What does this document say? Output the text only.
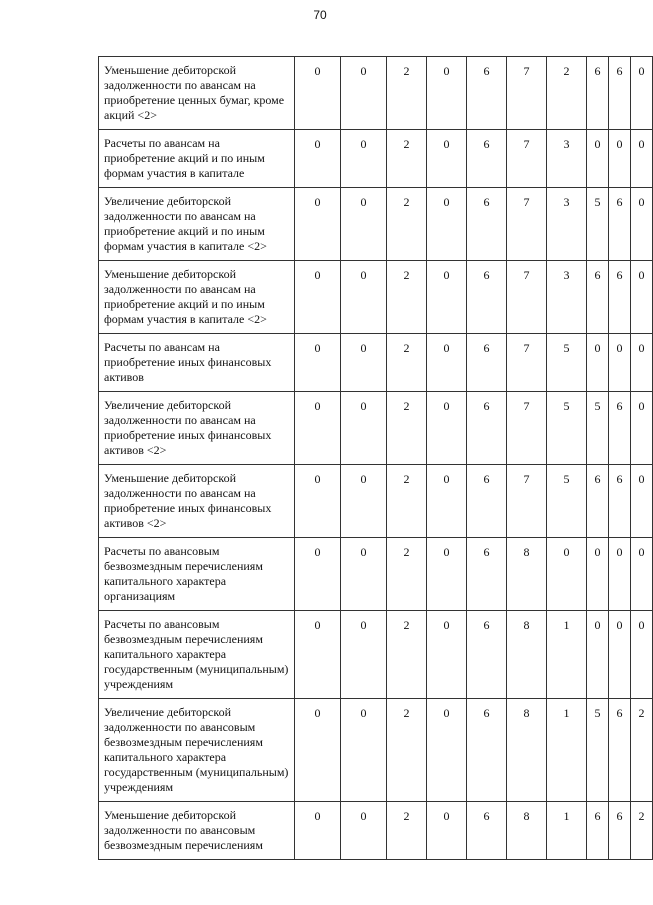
70
Уменьшение дебиторской задолженности по авансам на приобретение ценных бумаг, кроме акций <2>	0	0	2	0	6	7	2	6	6	0
Расчеты по авансам на приобретение акций и по иным формам участия в капитале	0	0	2	0	6	7	3	0	0	0
Увеличение дебиторской задолженности по авансам на приобретение акций и по иным формам участия в капитале <2>	0	0	2	0	6	7	3	5	6	0
Уменьшение дебиторской задолженности по авансам на приобретение акций и по иным формам участия в капитале <2>	0	0	2	0	6	7	3	6	6	0
Расчеты по авансам на приобретение иных финансовых активов	0	0	2	0	6	7	5	0	0	0
Увеличение дебиторской задолженности по авансам на приобретение иных финансовых активов <2>	0	0	2	0	6	7	5	5	6	0
Уменьшение дебиторской задолженности по авансам на приобретение иных финансовых активов <2>	0	0	2	0	6	7	5	6	6	0
Расчеты по авансовым безвозмездным перечислениям капитального характера организациям	0	0	2	0	6	8	0	0	0	0
Расчеты по авансовым безвозмездным перечислениям капитального характера государственным (муниципальным) учреждениям	0	0	2	0	6	8	1	0	0	0
Увеличение дебиторской задолженности по авансовым безвозмездным перечислениям капитального характера государственным (муниципальным) учреждениям	0	0	2	0	6	8	1	5	6	2
Уменьшение дебиторской задолженности по авансовым безвозмездным перечислениям	0	0	2	0	6	8	1	6	6	2
